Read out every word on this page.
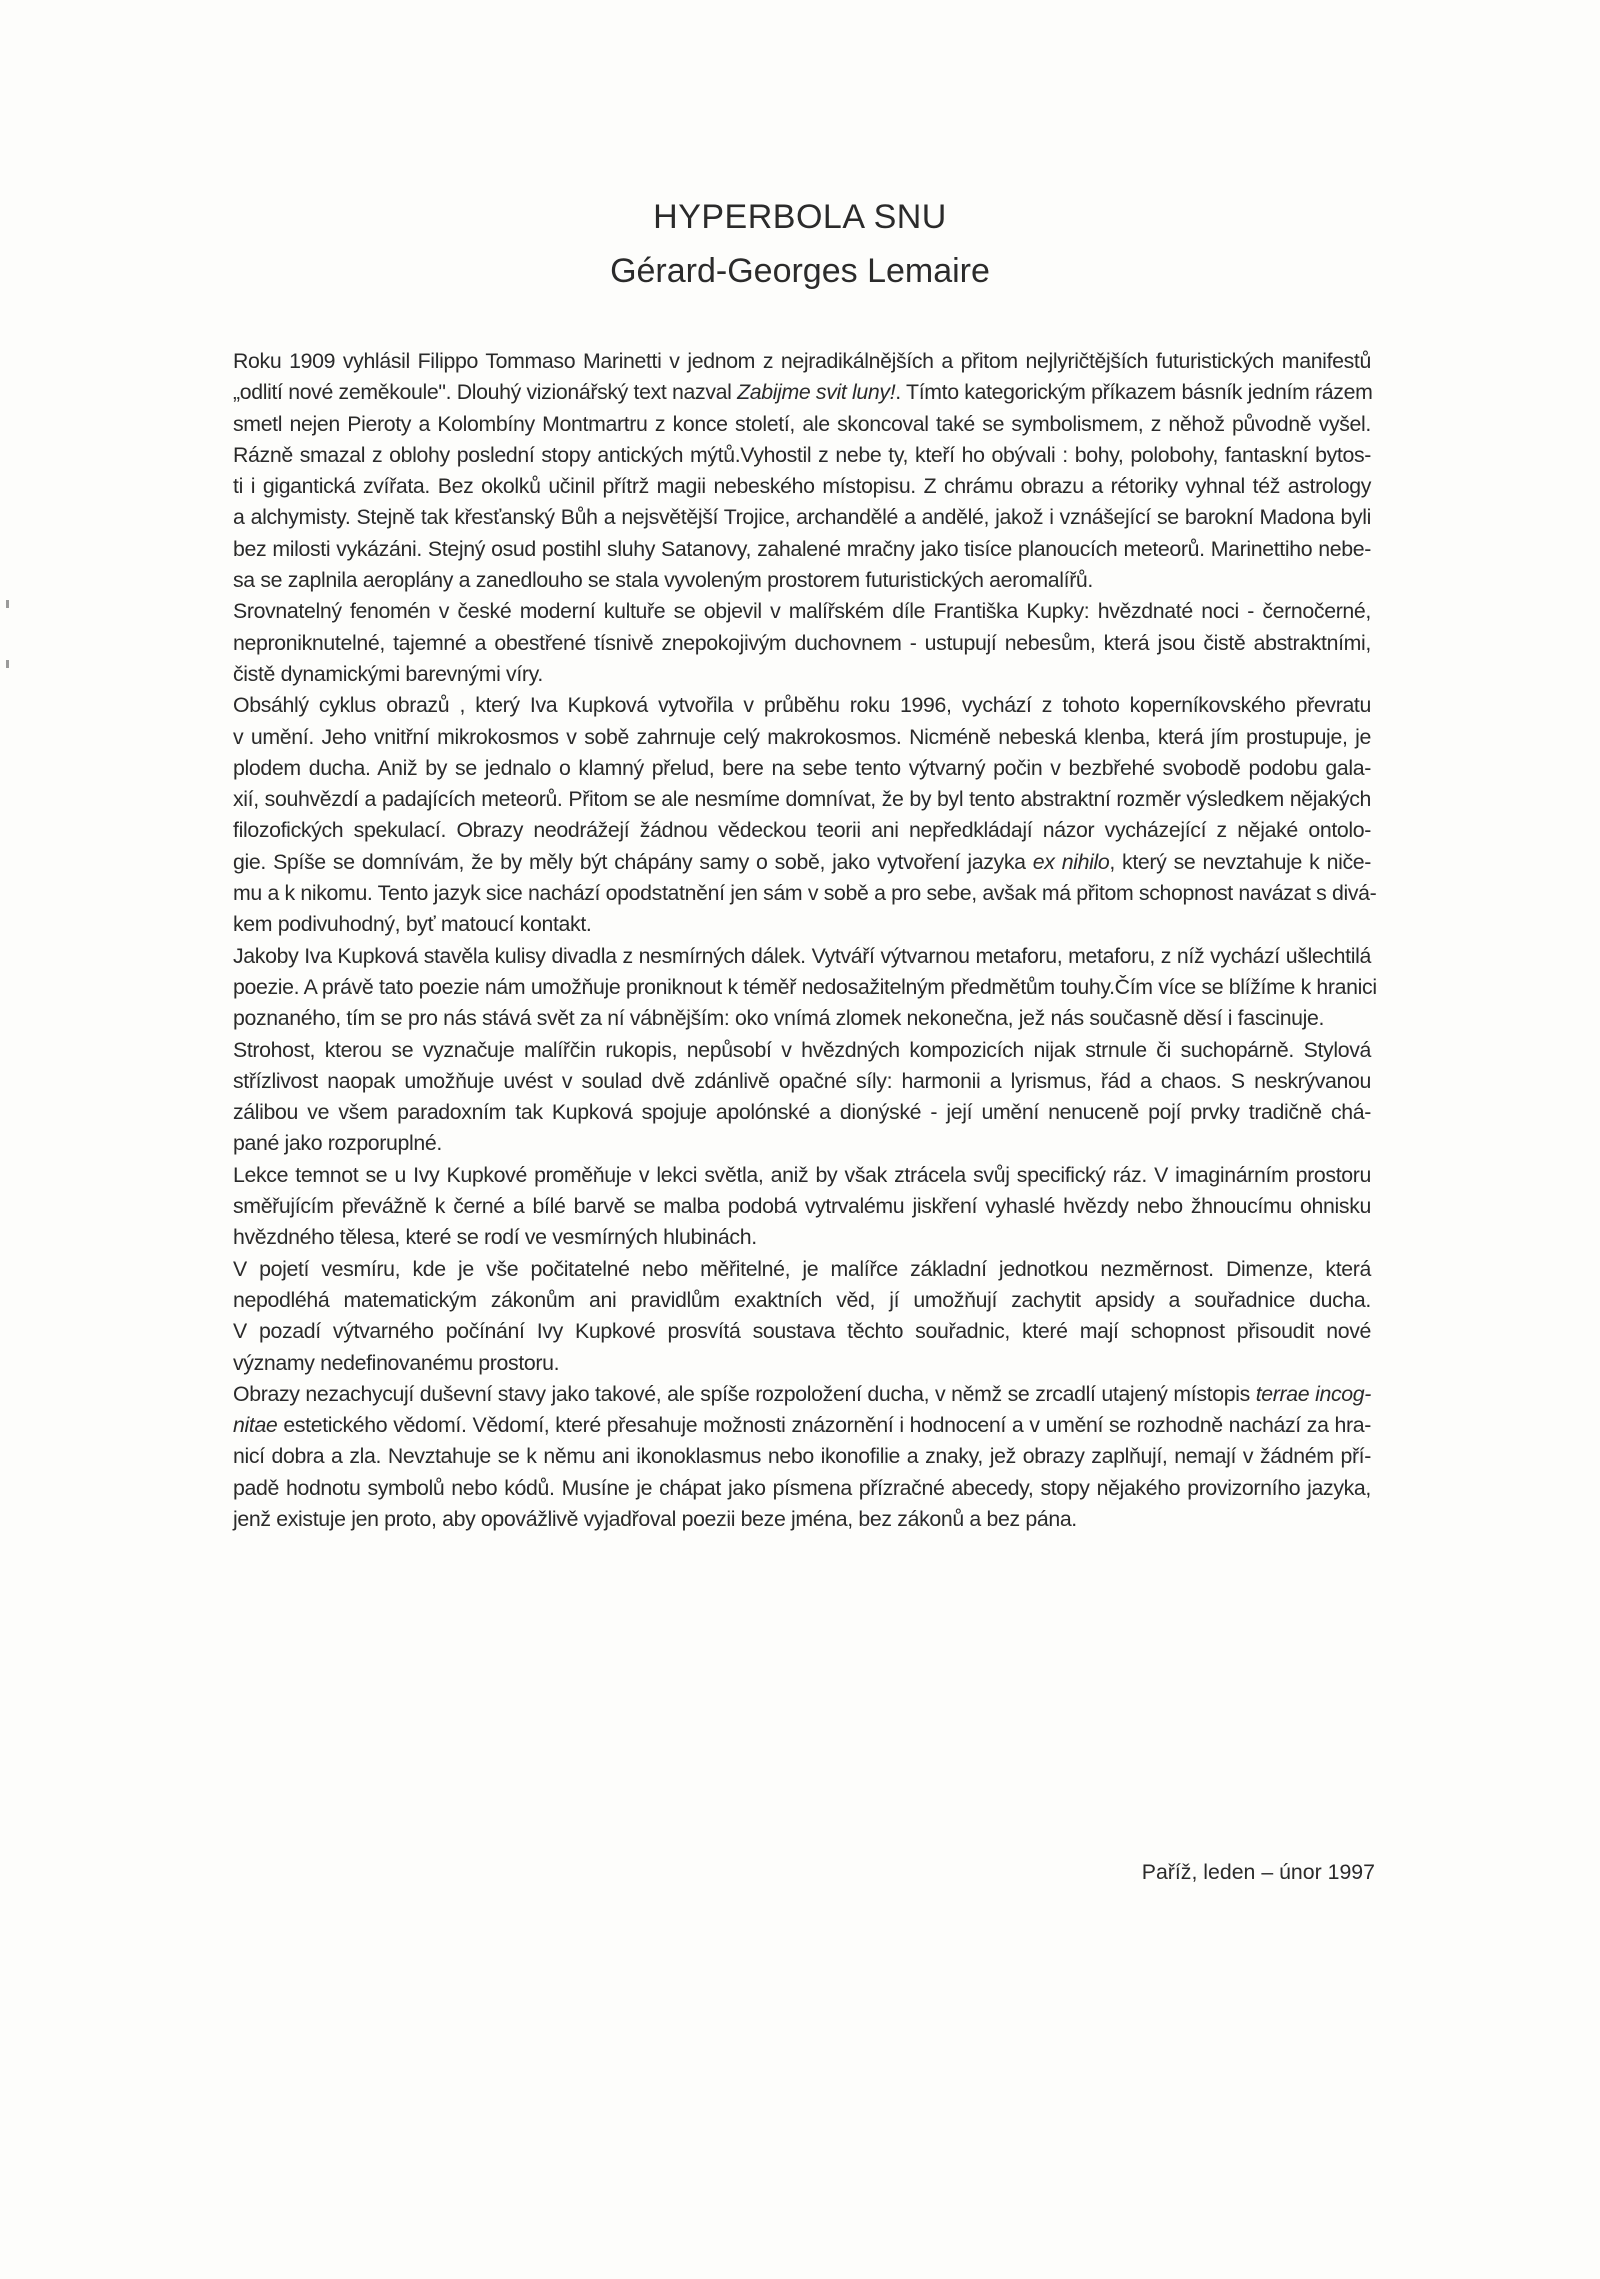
HYPERBOLA SNU
Gérard-Georges Lemaire
Roku 1909 vyhlásil Filippo Tommaso Marinetti v jednom z nejradikálnějších a přitom nejlyričtějších futuristických manifestů
„odlití nové zeměkoule". Dlouhý vizionářský text nazval Zabijme svit luny!. Tímto kategorickým příkazem básník jedním rázem
smetl nejen Pieroty a Kolombíny Montmartru z konce století, ale skoncoval také se symbolismem, z něhož původně vyšel.
Rázně smazal z oblohy poslední stopy antických mýtů.Vyhostil z nebe ty, kteří ho obývali : bohy, polobohy, fantaskní bytos-
ti i gigantická zvířata. Bez okolků učinil přítrž magii nebeského místopisu. Z chrámu obrazu a rétoriky vyhnal též astrology
a alchymisty. Stejně tak křesťanský Bůh a nejsvětější Trojice, archandělé a andělé, jakož i vznášející se barokní Madona byli
bez milosti vykázáni. Stejný osud postihl sluhy Satanovy, zahalené mračny jako tisíce planoucích meteorů. Marinettiho nebe-
sa se zaplnila aeroplány a zanedlouho se stala vyvoleným prostorem futuristických aeromalířů.
Srovnatelný fenomén v české moderní kultuře se objevil v malířském díle Františka Kupky: hvězdnaté noci - černočerné,
neproniknutelné, tajemné a obestřené tísnivě znepokojivým duchovnem - ustupují nebesům, která jsou čistě abstraktními,
čistě dynamickými barevnými víry.
Obsáhlý cyklus obrazů , který Iva Kupková vytvořila v průběhu roku 1996, vychází z tohoto koperníkovského převratu
v umění. Jeho vnitřní mikrokosmos v sobě zahrnuje celý makrokosmos. Nicméně nebeská klenba, která jím prostupuje, je
plodem ducha. Aniž by se jednalo o klamný přelud, bere na sebe tento výtvarný počin v bezbřehé svobodě podobu gala-
xií, souhvězdí a padajících meteorů. Přitom se ale nesmíme domnívat, že by byl tento abstraktní rozměr výsledkem nějakých
filozofických spekulací. Obrazy neodrážejí žádnou vědeckou teorii ani nepředkládají názor vycházející z nějaké ontolo-
gie. Spíše se domnívám, že by měly být chápány samy o sobě, jako vytvoření jazyka ex nihilo, který se nevztahuje k niče-
mu a k nikomu. Tento jazyk sice nachází opodstatnění jen sám v sobě a pro sebe, avšak má přitom schopnost navázat s divá-
kem podivuhodný, byť matoucí kontakt.
Jakoby Iva Kupková stavěla kulisy divadla z nesmírných dálek. Vytváří výtvarnou metaforu, metaforu, z níž vychází ušlechtilá
poezie. A právě tato poezie nám umožňuje proniknout k téměř nedosažitelným předmětům touhy.Čím více se blížíme k hranici
poznaného, tím se pro nás stává svět za ní vábnějším: oko vnímá zlomek nekonečna, jež nás současně děsí i fascinuje.
Strohost, kterou se vyznačuje malířčin rukopis, nepůsobí v hvězdných kompozicích nijak strnule či suchopárně. Stylová
střízlivost naopak umožňuje uvést v soulad dvě zdánlivě opačné síly: harmonii a lyrismus, řád a chaos. S neskrývanou
zálibou ve všem paradoxním tak Kupková spojuje apolónské a dionýské - její umění nenuceně pojí prvky tradičně chá-
pané jako rozporuplné.
Lekce temnot se u Ivy Kupkové proměňuje v lekci světla, aniž by však ztrácela svůj specifický ráz. V imaginárním prostoru
směřujícím převážně k černé a bílé barvě se malba podobá vytrvalému jiskření vyhaslé hvězdy nebo žhnoucímu ohnisku
hvězdného tělesa, které se rodí ve vesmírných hlubinách.
V pojetí vesmíru, kde je vše počitatelné nebo měřitelné, je malířce základní jednotkou nezměrnost. Dimenze, která
nepodléhá matematickým zákonům ani pravidlům exaktních věd, jí umožňují zachytit apsidy a souřadnice ducha.
V pozadí výtvarného počínání Ivy Kupkové prosvítá soustava těchto souřadnic, které mají schopnost přisoudit nové
významy nedefinovanému prostoru.
Obrazy nezachycují duševní stavy jako takové, ale spíše rozpoložení ducha, v němž se zrcadlí utajený místopis terrae incog-
nitae estetického vědomí. Vědomí, které přesahuje možnosti znázornění i hodnocení a v umění se rozhodně nachází za hra-
nicí dobra a zla. Nevztahuje se k němu ani ikonoklasmus nebo ikonofilie a znaky, jež obrazy zaplňují, nemají v žádném pří-
padě hodnotu symbolů nebo kódů. Musíne je chápat jako písmena přízračné abecedy, stopy nějakého provizorního jazyka,
jenž existuje jen proto, aby opovážlivě vyjadřoval poezii beze jména, bez zákonů a bez pána.
Paříž, leden – únor 1997
